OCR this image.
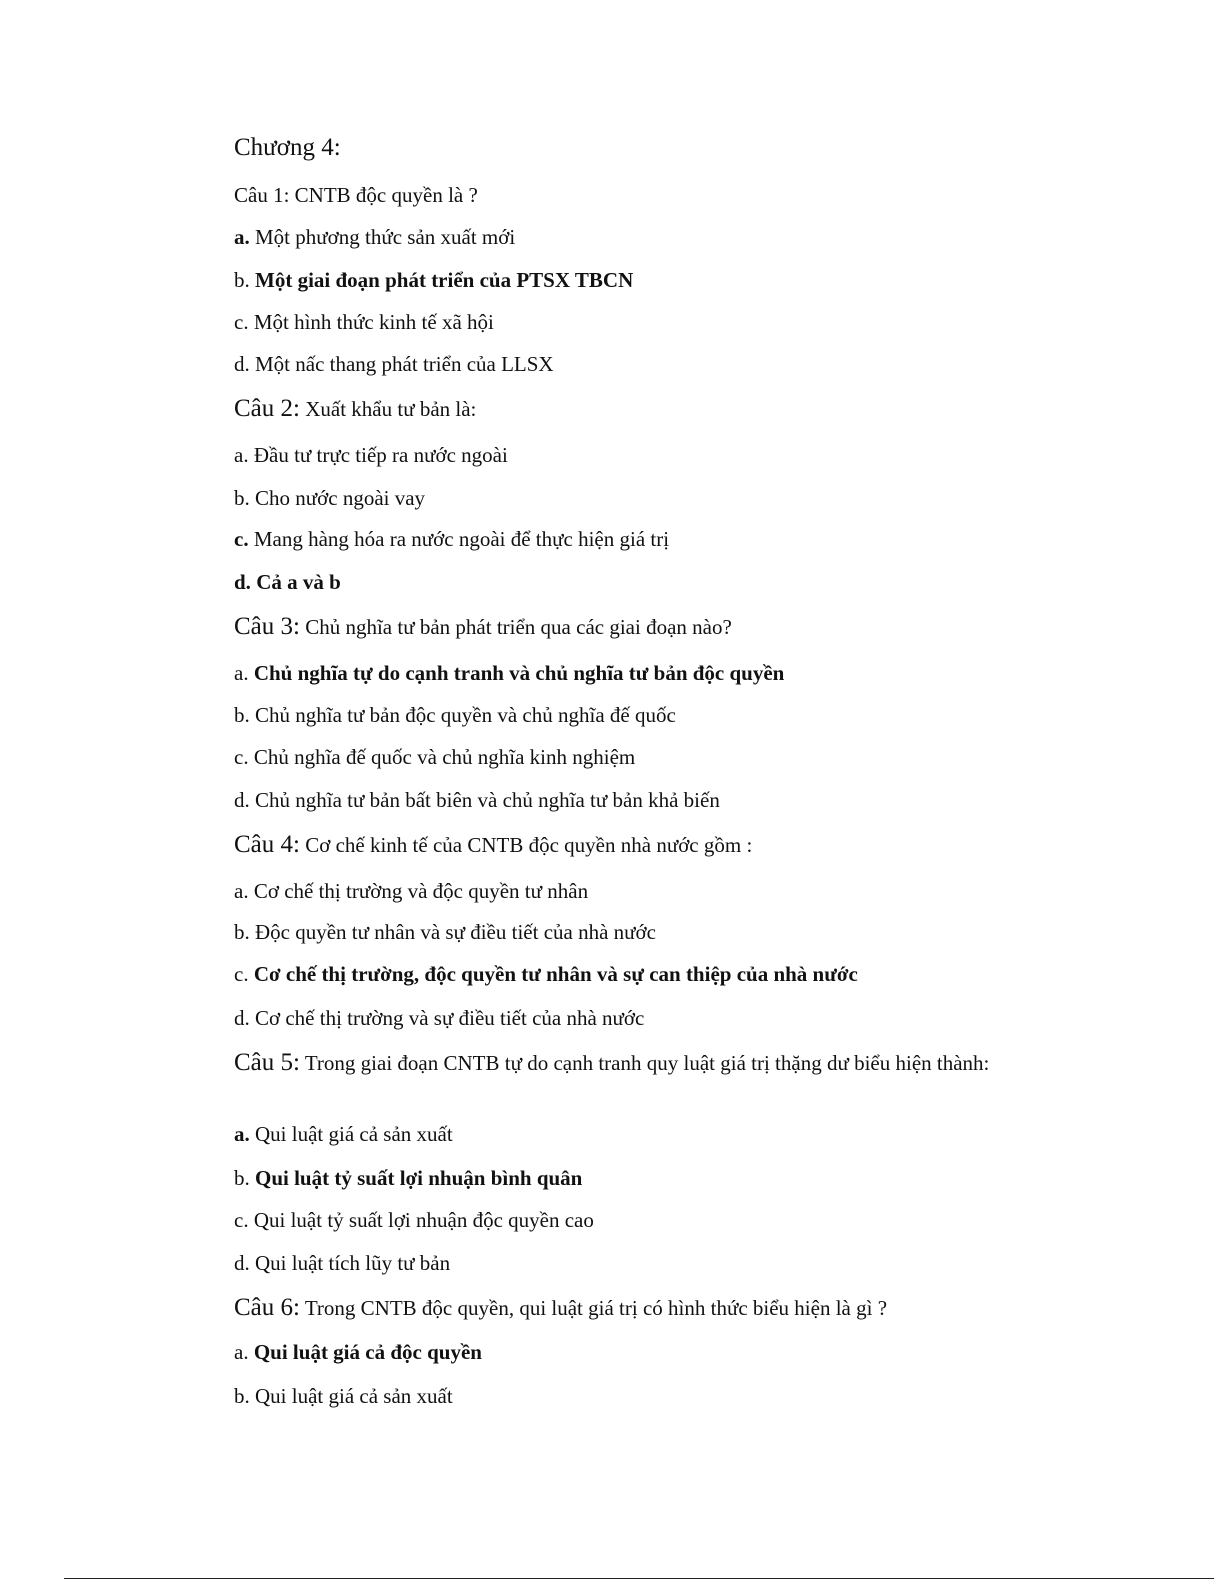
Chương 4:
Câu 1: CNTB độc quyền là ?
a. Một phương thức sản xuất mới
b. Một giai đoạn phát triển của PTSX TBCN
c. Một hình thức kinh tế xã hội
d. Một nấc thang phát triển của LLSX
Câu 2: Xuất khẩu tư bản là:
a. Đầu tư trực tiếp ra nước ngoài
b. Cho nước ngoài vay
c. Mang hàng hóa ra nước ngoài để thực hiện giá trị
d. Cả a và b
Câu 3: Chủ nghĩa tư bản phát triển qua các giai đoạn nào?
a. Chủ nghĩa tự do cạnh tranh và chủ nghĩa tư bản độc quyền
b. Chủ nghĩa tư bản độc quyền và chủ nghĩa đế quốc
c. Chủ nghĩa đế quốc và chủ nghĩa kinh nghiệm
d. Chủ nghĩa tư bản bất biên và chủ nghĩa tư bản khả biến
Câu 4: Cơ chế kinh tế của CNTB độc quyền nhà nước gồm :
a. Cơ chế thị trường và độc quyền tư nhân
b. Độc quyền tư nhân và sự điều tiết của nhà nước
c. Cơ chế thị trường, độc quyền tư nhân và sự can thiệp của nhà nước
d. Cơ chế thị trường và sự điều tiết của nhà nước
Câu 5: Trong giai đoạn CNTB tự do cạnh tranh quy luật giá trị thặng dư biểu hiện thành:
a. Qui luật giá cả sản xuất
b. Qui luật tỷ suất lợi nhuận bình quân
c. Qui luật tỷ suất lợi nhuận độc quyền cao
d. Qui luật tích lũy tư bản
Câu 6: Trong CNTB độc quyền, qui luật giá trị có hình thức biểu hiện là gì ?
a. Qui luật giá cả độc quyền
b. Qui luật giá cả sản xuất
